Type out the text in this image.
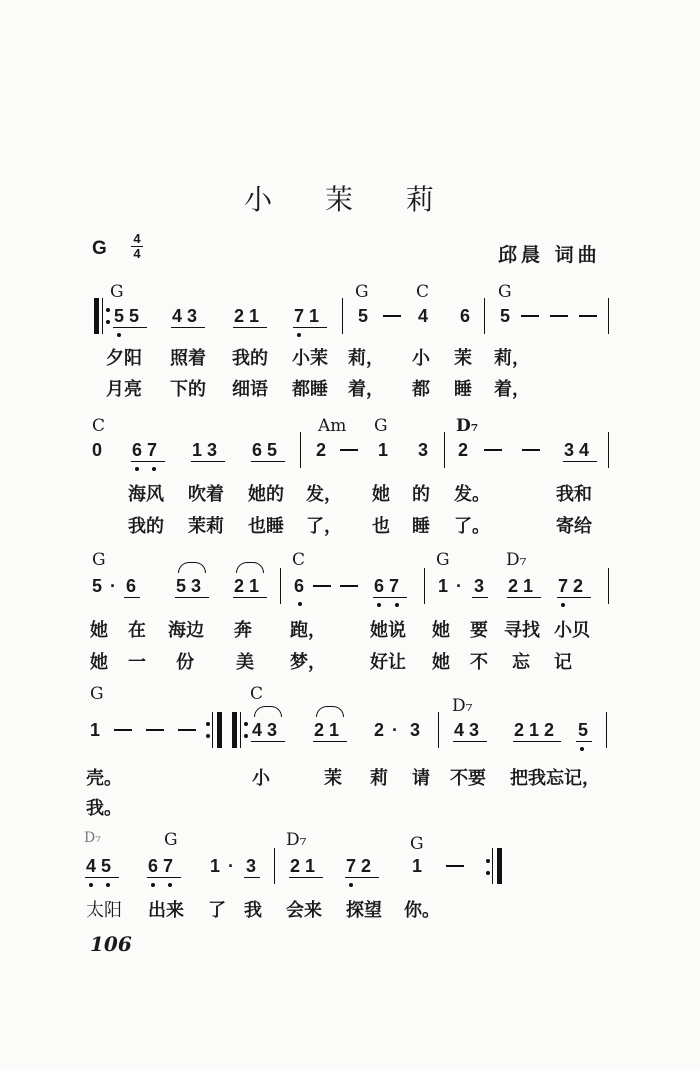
小 茉 莉
G 4
4	邱晨 词曲
G	G	C	G
5 5 4 3 2 1 7 1 5	4 6 5
夕阳 照着 我的 小茉 莉， 小 茉 莉，
月亮 下的 细语 都睡 着， 都 睡 着，
C	Am G	D₇
0 6 7 1 3 6 5 2	1 3 2	3 4
海风 吹着 她的 发， 她 的 发。	我和
我的 茉莉 也睡 了， 也 睡 了。	寄给
G	C	G	D₇
5 · 6 5 3 2 1 6	6 7 1 · 3 2 1 7 2
她 在 海边 奔 跑， 她说 她 要 寻找 小贝
她 一 份 美 梦， 好让 她 不 忘 记
G	C
D₇
1	4 3 2 1 2 · 3 4 3 2 1 2 5
壳。	小	茉 莉 请 不要 把我忘记，
我。
D₇	G	D₇	G
4 5 6 7 1 · 3 2 1 7 2 1
太阳 出来 了 我 会来 探望 你。
106
